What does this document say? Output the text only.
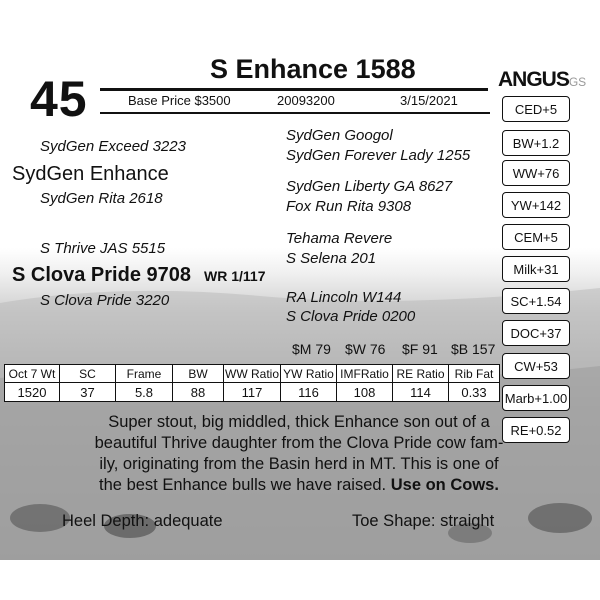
45
S Enhance 1588
Base Price $3500	20093200	3/15/2021
ANGUSGS
SydGen Exceed 3223
SydGen Enhance
SydGen Rita 2618
S Thrive JAS 5515
S Clova Pride 9708 WR 1/117
S Clova Pride 3220
SydGen Googol
SydGen Forever Lady 1255
SydGen Liberty GA 8627
Fox Run Rita 9308
Tehama Revere
S Selena 201
RA Lincoln W144
S Clova Pride 0200
CED+5
BW+1.2
WW+76
YW+142
CEM+5
Milk+31
SC+1.54
DOC+37
CW+53
Marb+1.00
RE+0.52
$M 79 $W 76 $F 91 $B 157
Oct 7 Wt	SC	Frame	BW	WW Ratio	YW Ratio	IMFRatio	RE Ratio	Rib Fat
1520	37	5.8	88	117	116	108	114	0.33
Super stout, big middled, thick Enhance son out of a
beautiful Thrive daughter from the Clova Pride cow fam-
ily, originating from the Basin herd in MT. This is one of
the best Enhance bulls we have raised. Use on Cows.
Heel Depth: adequate	Toe Shape: straight
